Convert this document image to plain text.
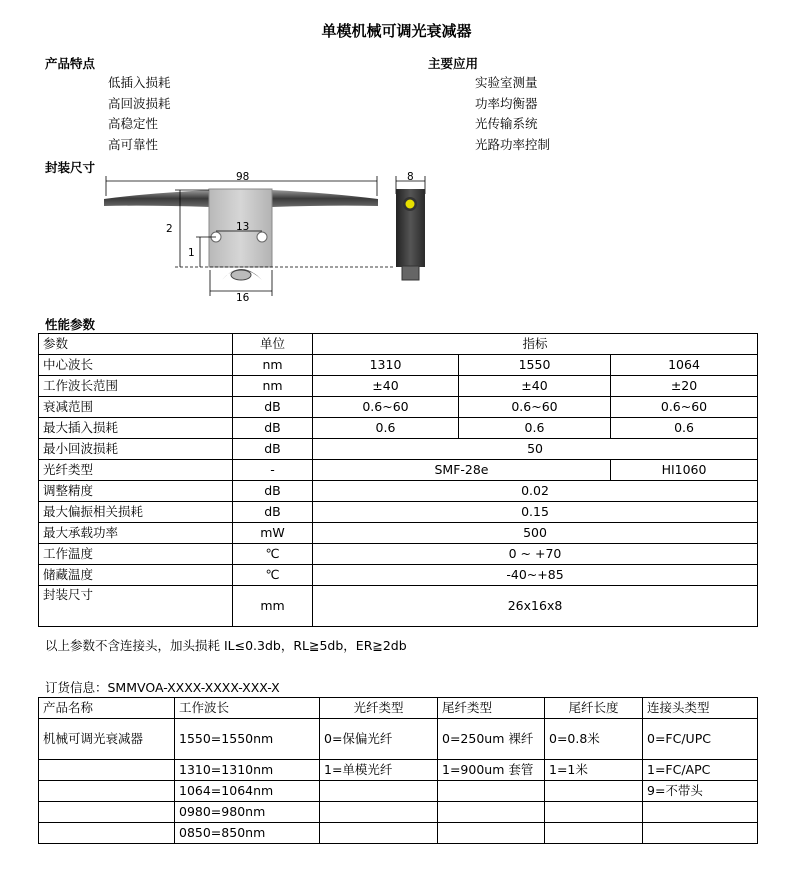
单模机械可调光衰减器
产品特点
低插入损耗
高回波损耗
高稳定性
高可靠性
主要应用
实验室测量
功率均衡器
光传输系统
光路功率控制
封装尺寸
98	8
13
2
1
16
性能参数
参数	单位	指标		
中心波长	nm	1310	1550	1064
工作波长范围	nm	±40	±40	±20
衰减范围	dB	0.6~60	0.6~60	0.6~60
最大插入损耗	dB	0.6	0.6	0.6
最小回波损耗	dB	50		
光纤类型	-	SMF-28e		HI1060
调整精度	dB	0.02		
最大偏振相关损耗	dB	0.15		
最大承载功率	mW	500		
工作温度	℃	0 ~ +70		
储藏温度	℃	-40~+85		
封装尺寸	mm	26x16x8		
以上参数不含连接头，加头损耗 IL≤0.3db，RL≧5db，ER≧2db
订货信息：SMMVOA-XXXX-XXXX-XXX-X
产品名称	工作波长	光纤类型	尾纤类型	尾纤长度	连接头类型
机械可调光衰减器	1550=1550nm	0=保偏光纤	0=250um 裸纤	0=0.8米	0=FC/UPC
	1310=1310nm	1=单模光纤	1=900um 套管	1=1米	1=FC/APC
	1064=1064nm				9=不带头
	0980=980nm				
	0850=850nm				
